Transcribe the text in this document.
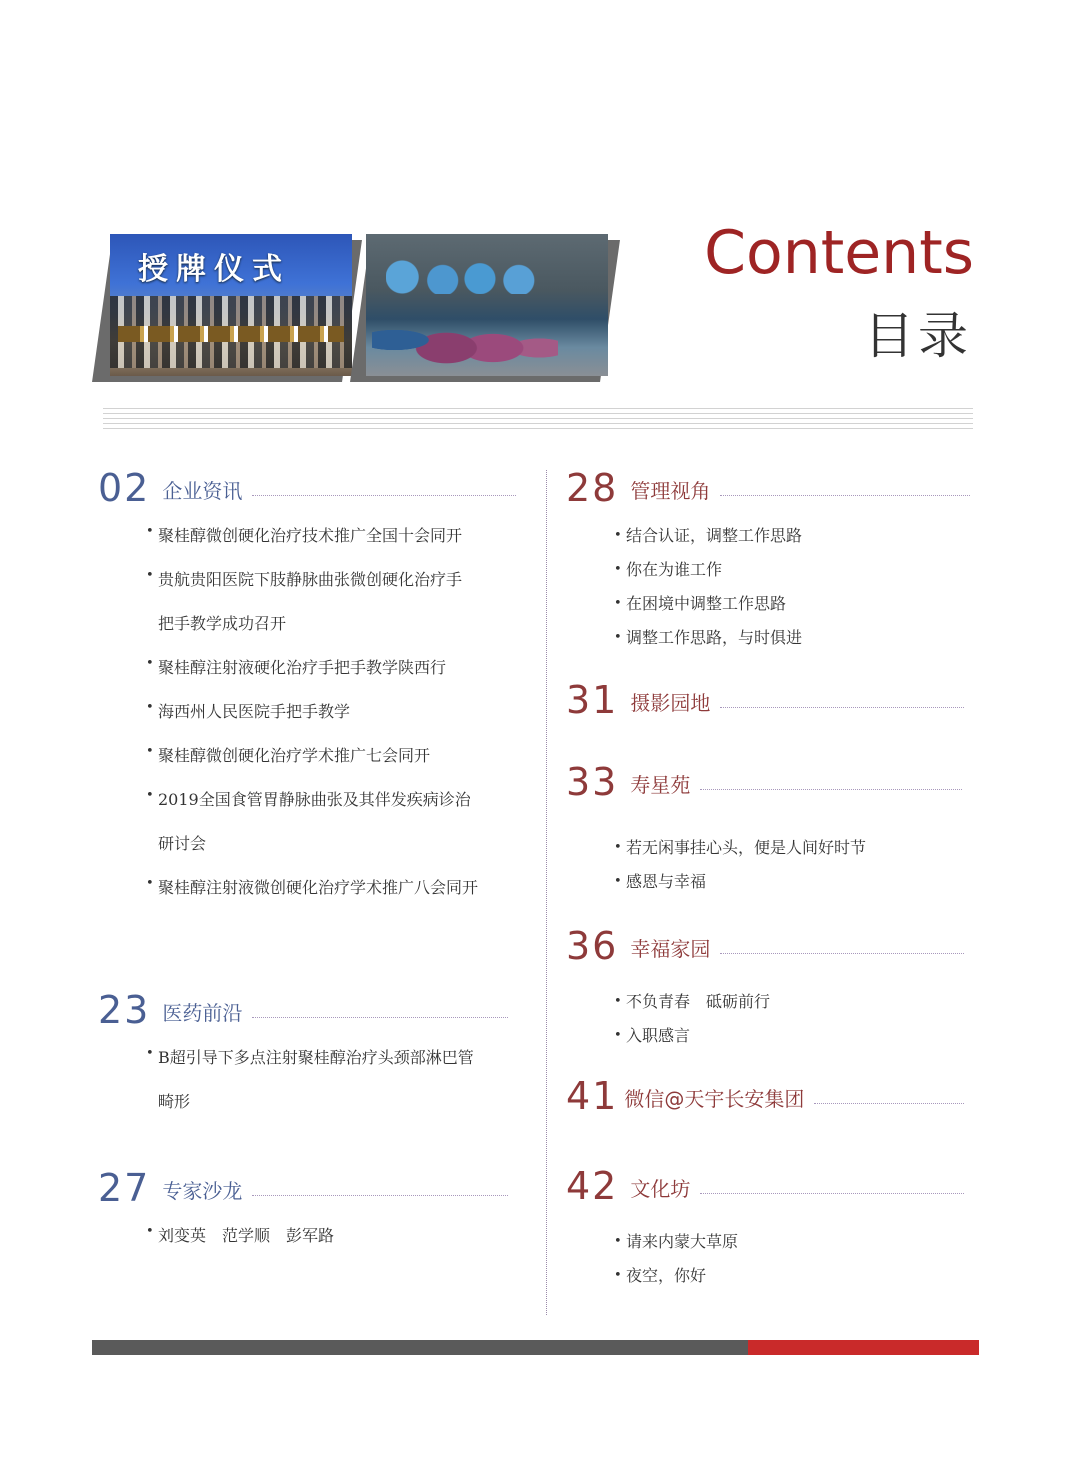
授牌仪式	Contents
目录
02 企业资讯
• 聚桂醇微创硬化治疗技术推广全国十会同开
• 贵航贵阳医院下肢静脉曲张微创硬化治疗手
把手教学成功召开
• 聚桂醇注射液硬化治疗手把手教学陕西行
• 海西州人民医院手把手教学
• 聚桂醇微创硬化治疗学术推广七会同开
• 2019全国食管胃静脉曲张及其伴发疾病诊治
研讨会
• 聚桂醇注射液微创硬化治疗学术推广八会同开
23 医药前沿
• B超引导下多点注射聚桂醇治疗头颈部淋巴管
畸形
27 专家沙龙
• 刘变英　范学顺　彭军路
28 管理视角
• 结合认证，调整工作思路
• 你在为谁工作
• 在困境中调整工作思路
• 调整工作思路，与时俱进
31 摄影园地
33 寿星苑
• 若无闲事挂心头，便是人间好时节
• 感恩与幸福
36 幸福家园
• 不负青春　砥砺前行
• 入职感言
41 微信@天宇长安集团
42 文化坊
• 请来内蒙大草原
• 夜空，你好
